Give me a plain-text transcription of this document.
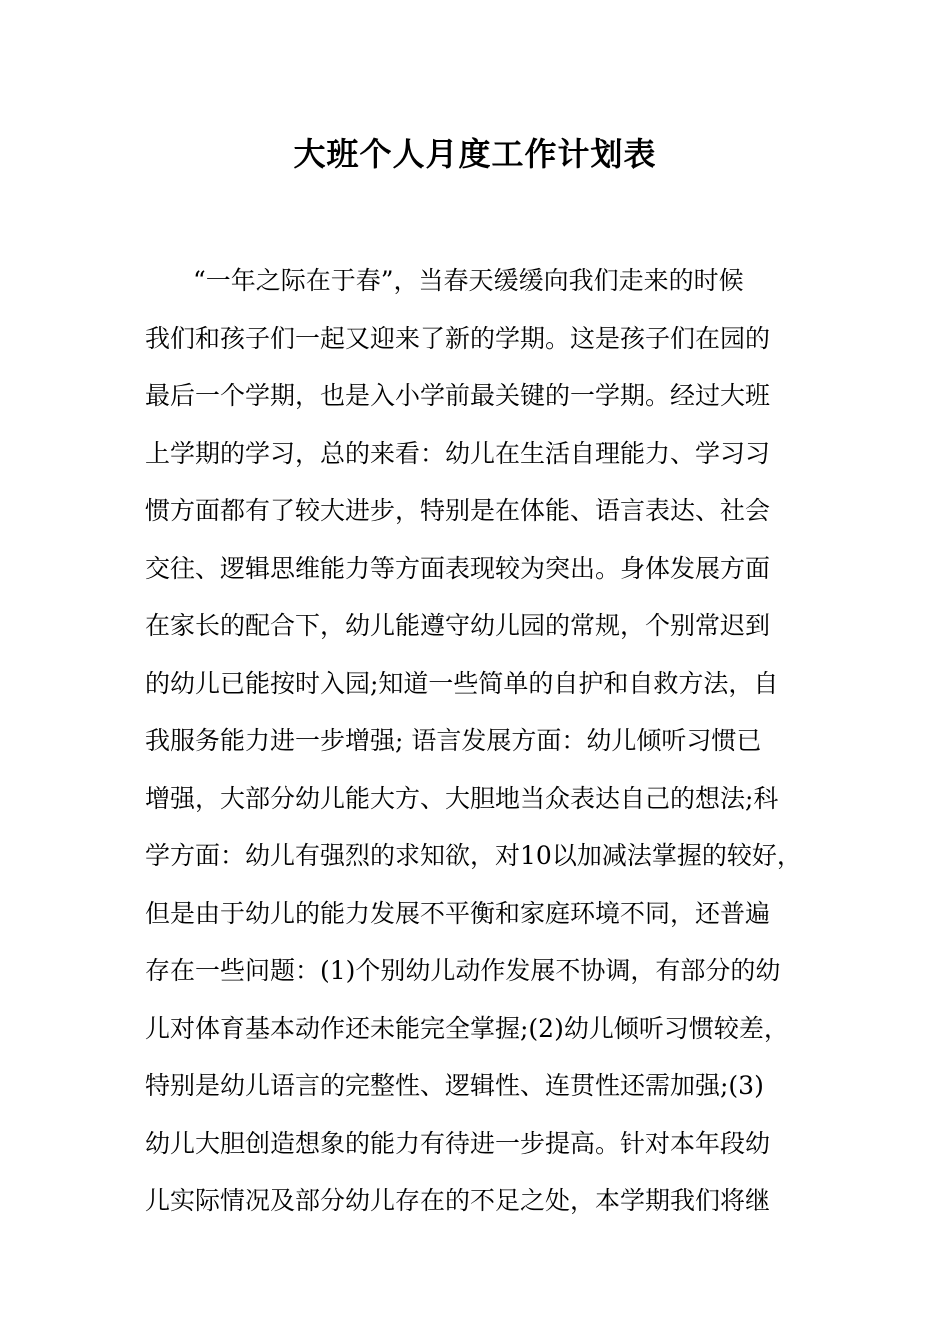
大班个人月度工作计划表
“一年之际在于春”，当春天缓缓向我们走来的时候
我们和孩子们一起又迎来了新的学期。这是孩子们在园的
最后一个学期，也是入小学前最关键的一学期。经过大班
上学期的学习，总的来看：幼儿在生活自理能力、学习习
惯方面都有了较大进步，特别是在体能、语言表达、社会
交往、逻辑思维能力等方面表现较为突出。身体发展方面
在家长的配合下，幼儿能遵守幼儿园的常规，个别常迟到
的幼儿已能按时入园;知道一些简单的自护和自救方法，自
我服务能力进一步增强; 语言发展方面：幼儿倾听习惯已
增强，大部分幼儿能大方、大胆地当众表达自己的想法;科
学方面：幼儿有强烈的求知欲，对10以加减法掌握的较好，
但是由于幼儿的能力发展不平衡和家庭环境不同，还普遍
存在一些问题：(1)个别幼儿动作发展不协调，有部分的幼
儿对体育基本动作还未能完全掌握;(2)幼儿倾听习惯较差，
特别是幼儿语言的完整性、逻辑性、连贯性还需加强;(3)
幼儿大胆创造想象的能力有待进一步提高。针对本年段幼
儿实际情况及部分幼儿存在的不足之处，本学期我们将继
